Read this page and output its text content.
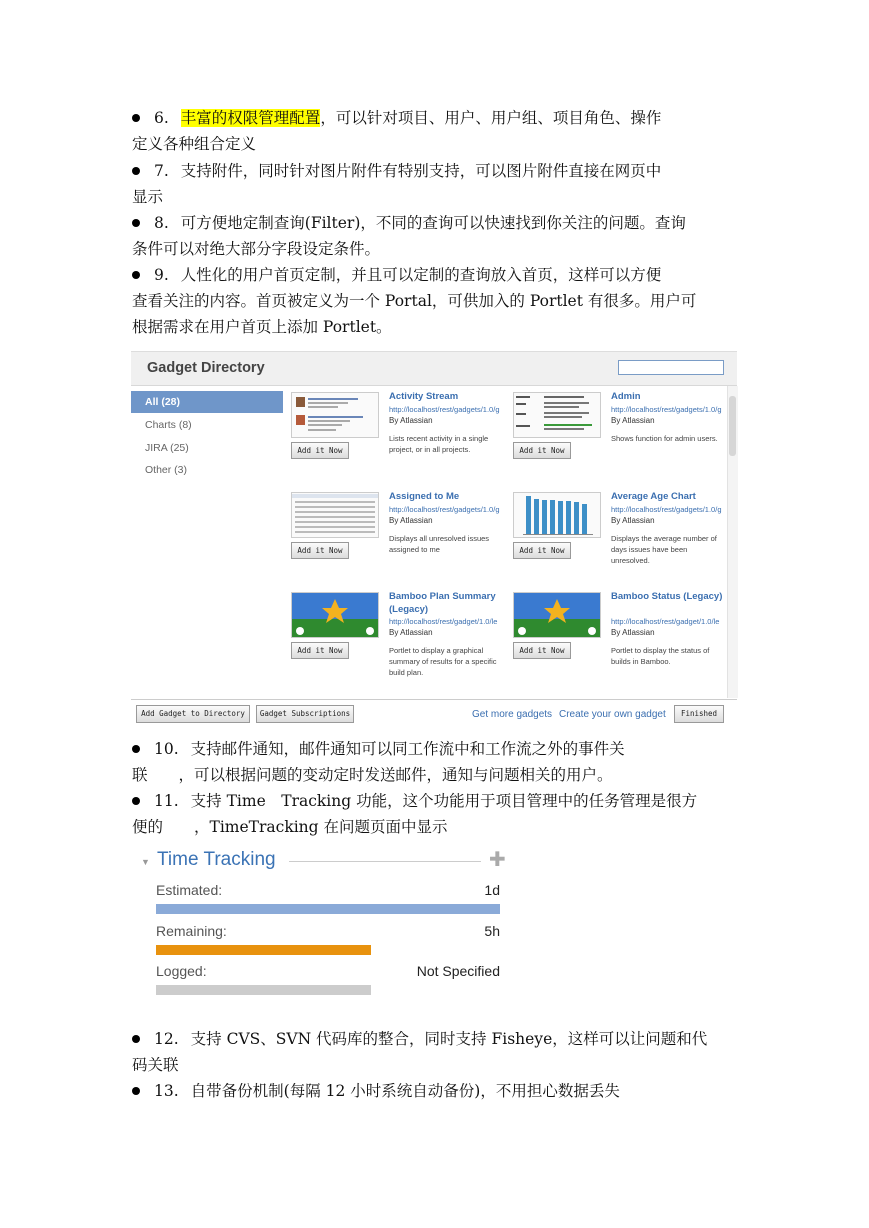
6. 丰富的权限管理配置，可以针对项目、用户、用户组、项目角色、操作
定义各种组合定义
7. 支持附件，同时针对图片附件有特别支持，可以图片附件直接在网页中
显示
8. 可方便地定制查询(Filter)，不同的查询可以快速找到你关注的问题。查询
条件可以对绝大部分字段设定条件。
9. 人性化的用户首页定制，并且可以定制的查询放入首页，这样可以方便
查看关注的内容。首页被定义为一个 Portal，可供加入的 Portlet 有很多。用户可
根据需求在用户首页上添加 Portlet。
Gadget Directory
All (28)
Charts (8)
JIRA (25)
Other (3)
Add it Now
Activity Stream
http://localhost/rest/gadgets/1.0/g
By Atlassian
Lists recent activity in a single project, or in all projects.	Add it Now
Admin
http://localhost/rest/gadgets/1.0/g
By Atlassian
Shows function for admin users.
Add it Now
Assigned to Me
http://localhost/rest/gadgets/1.0/g
By Atlassian
Displays all unresolved issues assigned to me	Add it Now
Average Age Chart
http://localhost/rest/gadgets/1.0/g
By Atlassian
Displays the average number of days issues have been unresolved.
Add it Now
Bamboo Plan Summary (Legacy)
http://localhost/rest/gadget/1.0/le
By Atlassian
Portlet to display a graphical summary of results for a specific build plan.
Add it Now
Bamboo Status (Legacy)
http://localhost/rest/gadget/1.0/le
By Atlassian
Portlet to display the status of builds in Bamboo.
Add Gadget to Directory	Gadget Subscriptions	Get more gadgets Create your own gadget	Finished
10. 支持邮件通知，邮件通知可以同工作流中和工作流之外的事件关
联　　，可以根据问题的变动定时发送邮件，通知与问题相关的用户。
11. 支持 Time　Tracking 功能，这个功能用于项目管理中的任务管理是很方
便的　　，TimeTracking 在问题页面中显示
▼ Time Tracking	✚
Estimated:	1d
Remaining:	5h
Logged:	Not Specified
12. 支持 CVS、SVN 代码库的整合，同时支持 Fisheye，这样可以让问题和代
码关联
13. 自带备份机制(每隔 12 小时系统自动备份)，不用担心数据丢失
